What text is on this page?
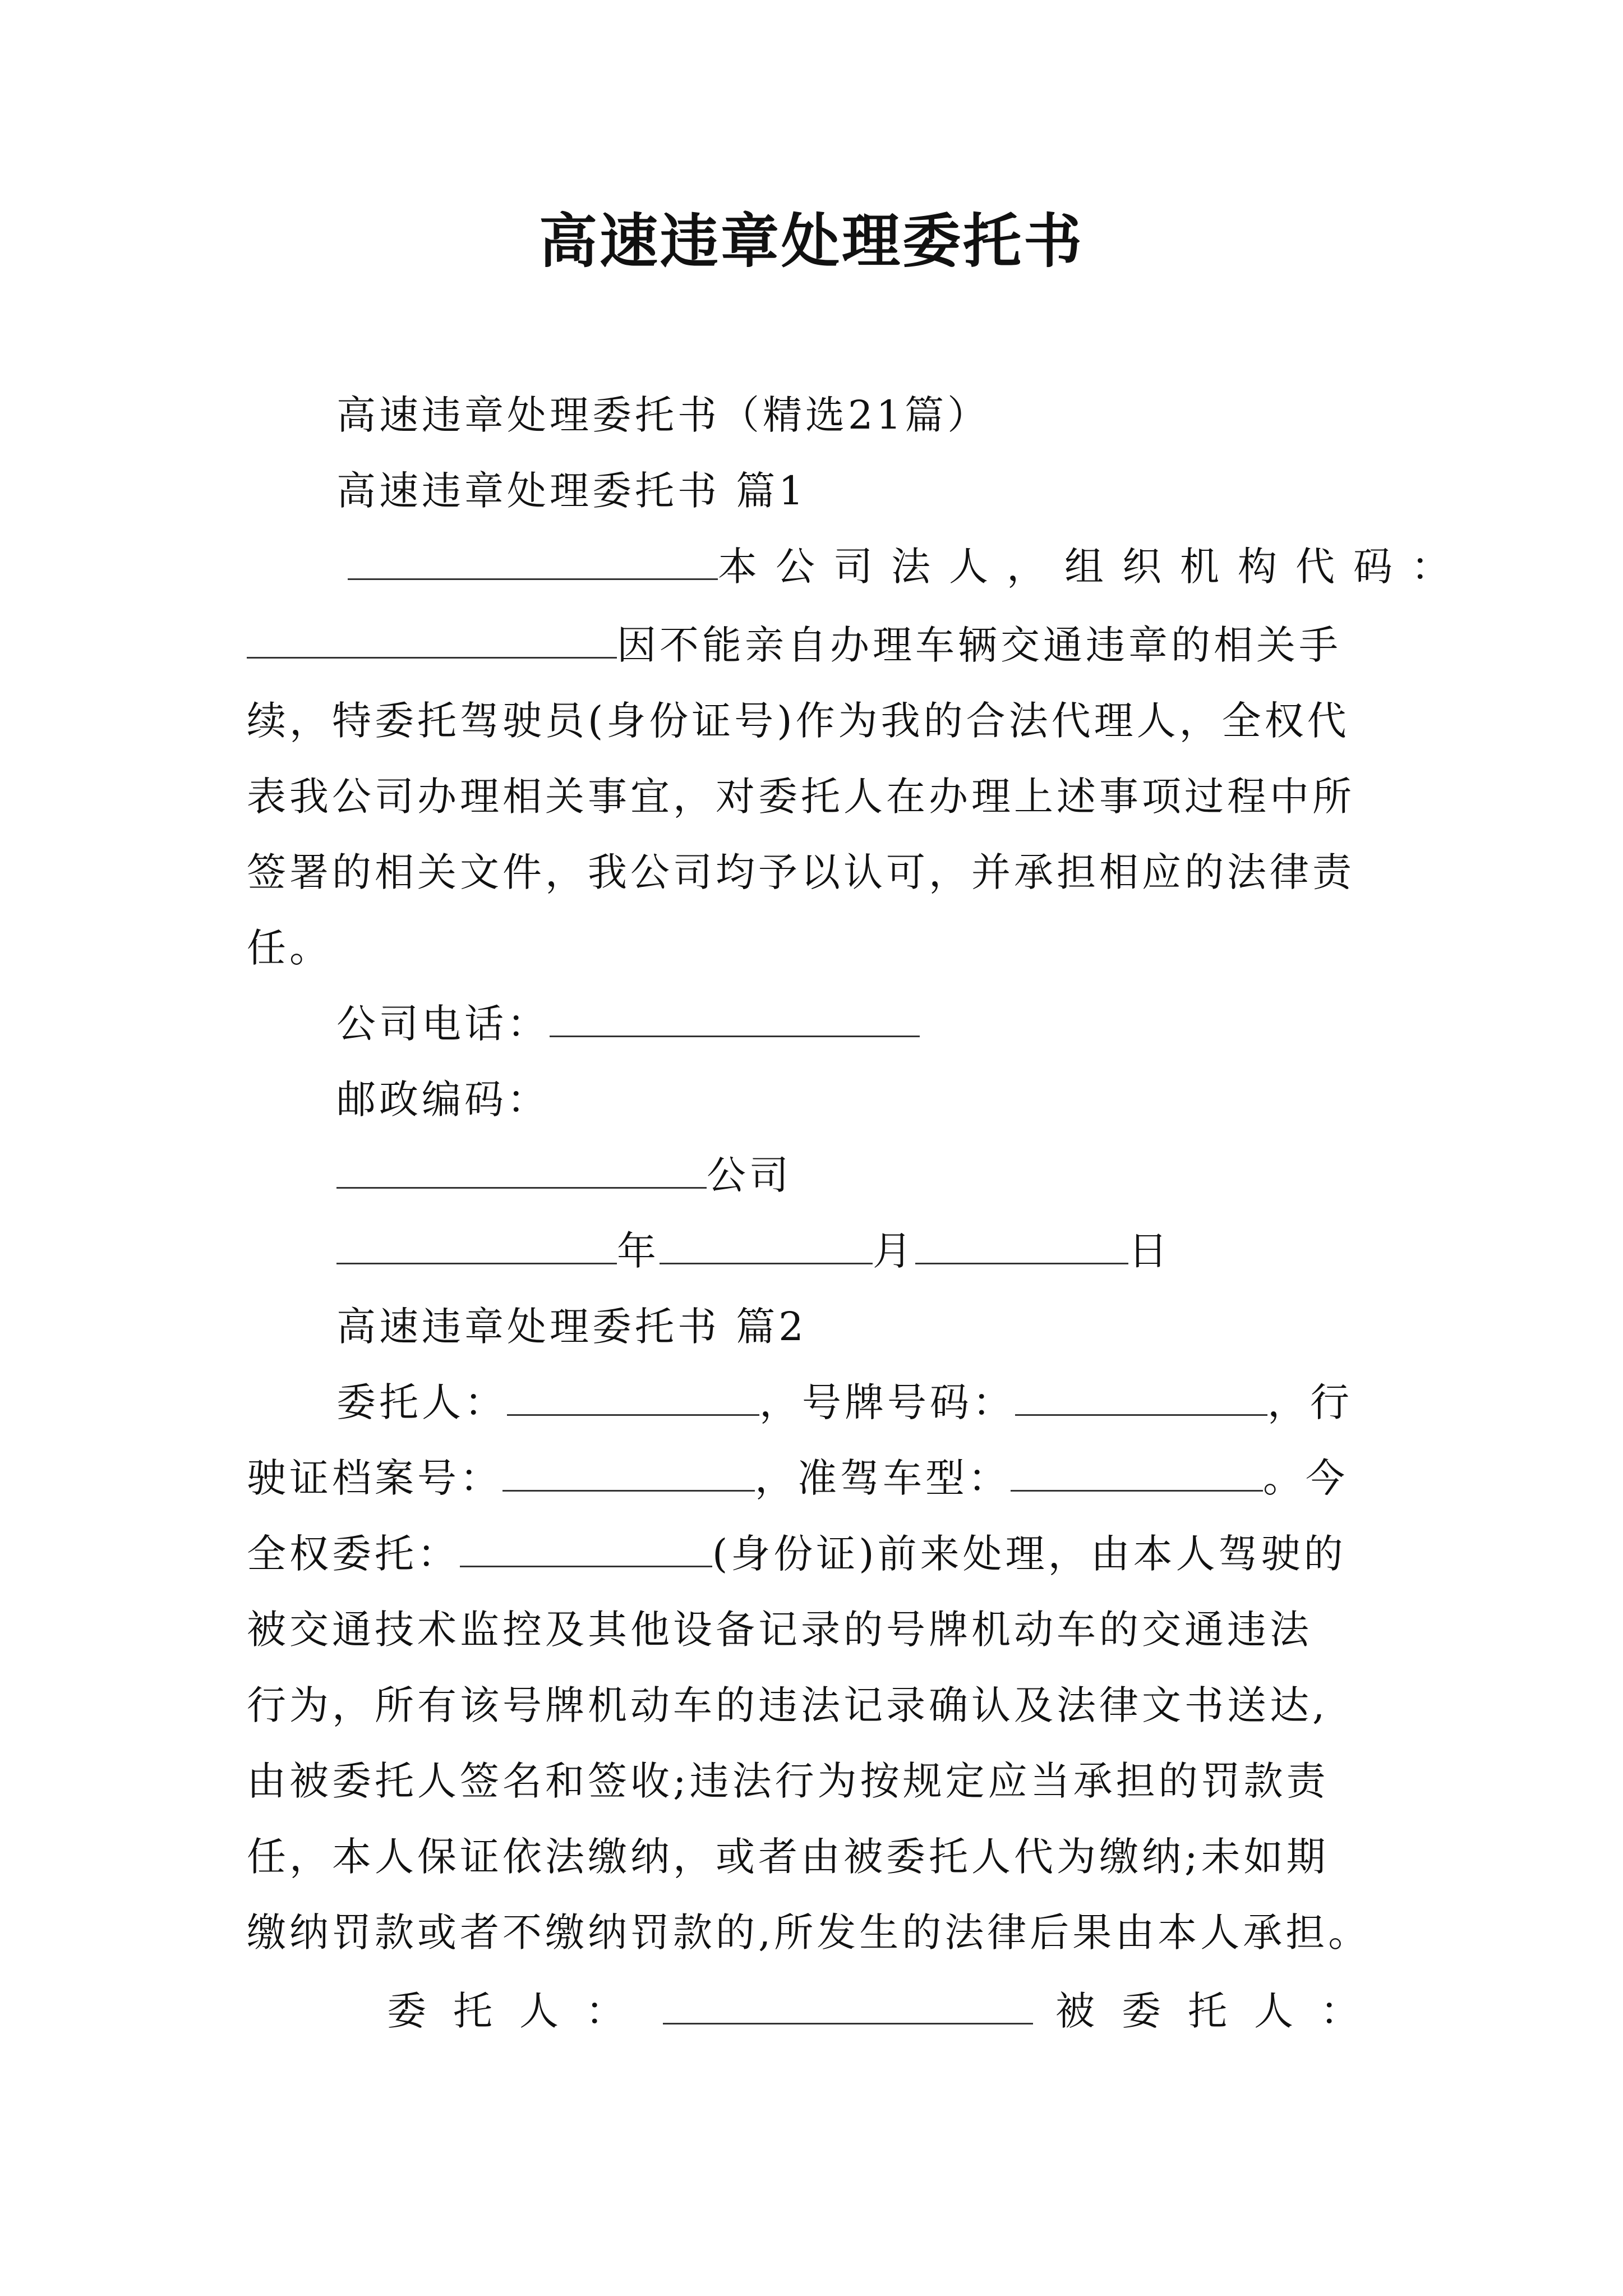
高速违章处理委托书
高速违章处理委托书（精选21篇）
高速违章处理委托书 篇1
本公司法人，组织机构代码：
因不能亲自办理车辆交通违章的相关手
续，特委托驾驶员(身份证号)作为我的合法代理人，全权代
表我公司办理相关事宜，对委托人在办理上述事项过程中所
签署的相关文件，我公司均予以认可，并承担相应的法律责
任。
公司电话：
邮政编码：
公司
年	月	日
高速违章处理委托书 篇2
委托人：	，号牌号码：	，行
驶证档案号：	，准驾车型：	。今
全权委托：	(身份证)前来处理，由本人驾驶的
被交通技术监控及其他设备记录的号牌机动车的交通违法
行为，所有该号牌机动车的违法记录确认及法律文书送达,
由被委托人签名和签收;违法行为按规定应当承担的罚款责
任，本人保证依法缴纳，或者由被委托人代为缴纳;未如期
缴纳罚款或者不缴纳罚款的,所发生的法律后果由本人承担。
委托人：	被委托人：
